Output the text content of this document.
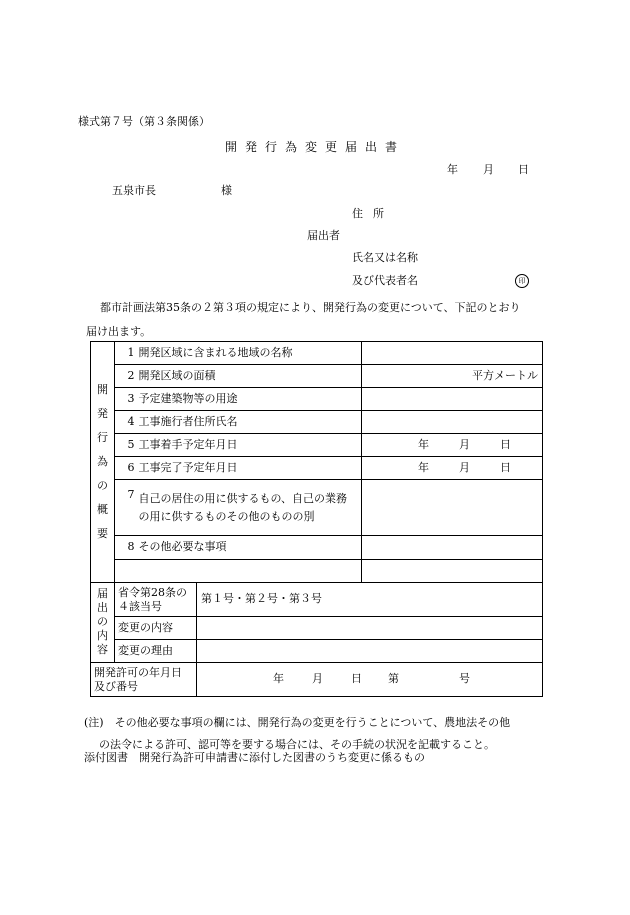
様式第７号（第３条関係）
開発行為変更届出書
年 月 日
五泉市長	様
住所
届出者
氏名又は名称
及び代表者名	印
都市計画法第35条の２第３項の規定により、開発行為の変更について、下記のとおり
届け出ます。
開発行為の概要	1	開発区域に含まれる地域の名称		
	2	開発区域の面積		平方メートル
	3	予定建築物等の用途		
	4	工事施行者住所氏名		
	5	工事着手予定年月日		年 月 日
	6	工事完了予定年月日		年 月 日
	7	自己の居住の用に供するもの、自己の業務の用に供するものその他のものの別		
	8	その他必要な事項		

届出の内容	省令第28条の４該当号		第１号・第２号・第３号	
	変更の内容			
	変更の理由			
開発許可の年月日及び番号			年 月 日 第 号	
(注)　その他必要な事項の欄には、開発行為の変更を行うことについて、農地法その他
の法令による許可、認可等を要する場合には、その手続の状況を記載すること。
添付図書　開発行為許可申請書に添付した図書のうち変更に係るもの
